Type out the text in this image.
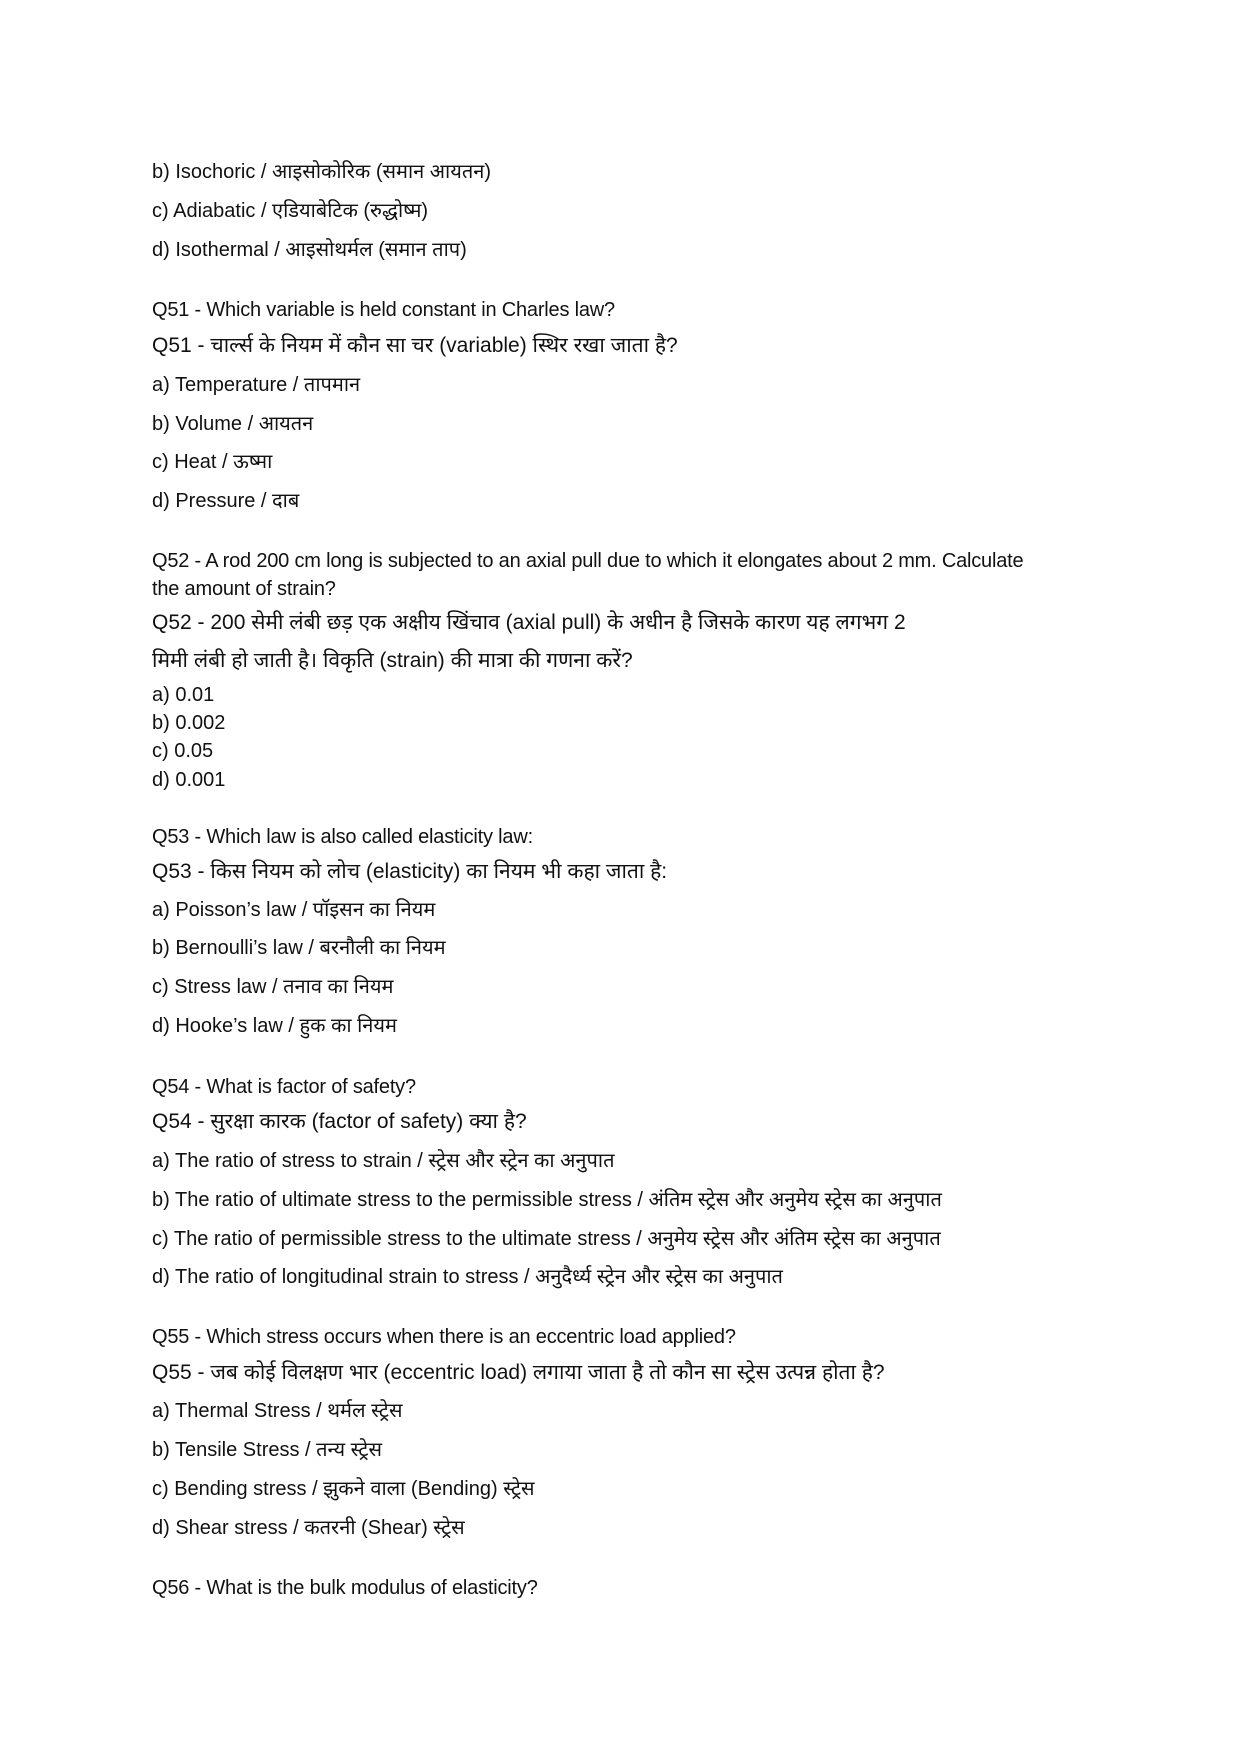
b) Isochoric / आइसोकोरिक (समान आयतन)
c) Adiabatic / एडियाबेटिक (रुद्धोष्म)
d) Isothermal / आइसोथर्मल (समान ताप)
Q51 - Which variable is held constant in Charles law?
Q51 - चार्ल्स के नियम में कौन सा चर (variable) स्थिर रखा जाता है?
a) Temperature / तापमान
b) Volume / आयतन
c) Heat / ऊष्मा
d) Pressure / दाब
Q52 - A rod 200 cm long is subjected to an axial pull due to which it elongates about 2 mm. Calculate
the amount of strain?
Q52 - 200 सेमी लंबी छड़ एक अक्षीय खिंचाव (axial pull) के अधीन है जिसके कारण यह लगभग 2
मिमी लंबी हो जाती है। विकृति (strain) की मात्रा की गणना करें?
a) 0.01
b) 0.002
c) 0.05
d) 0.001
Q53 - Which law is also called elasticity law:
Q53 - किस नियम को लोच (elasticity) का नियम भी कहा जाता है:
a) Poisson’s law / पॉइसन का नियम
b) Bernoulli’s law / बरनौली का नियम
c) Stress law / तनाव का नियम
d) Hooke’s law / हुक का नियम
Q54 - What is factor of safety?
Q54 - सुरक्षा कारक (factor of safety) क्या है?
a) The ratio of stress to strain / स्ट्रेस और स्ट्रेन का अनुपात
b) The ratio of ultimate stress to the permissible stress / अंतिम स्ट्रेस और अनुमेय स्ट्रेस का अनुपात
c) The ratio of permissible stress to the ultimate stress / अनुमेय स्ट्रेस और अंतिम स्ट्रेस का अनुपात
d) The ratio of longitudinal strain to stress / अनुदैर्ध्य स्ट्रेन और स्ट्रेस का अनुपात
Q55 - Which stress occurs when there is an eccentric load applied?
Q55 - जब कोई विलक्षण भार (eccentric load) लगाया जाता है तो कौन सा स्ट्रेस उत्पन्न होता है?
a) Thermal Stress / थर्मल स्ट्रेस
b) Tensile Stress / तन्य स्ट्रेस
c) Bending stress / झुकने वाला (Bending) स्ट्रेस
d) Shear stress / कतरनी (Shear) स्ट्रेस
Q56 - What is the bulk modulus of elasticity?
